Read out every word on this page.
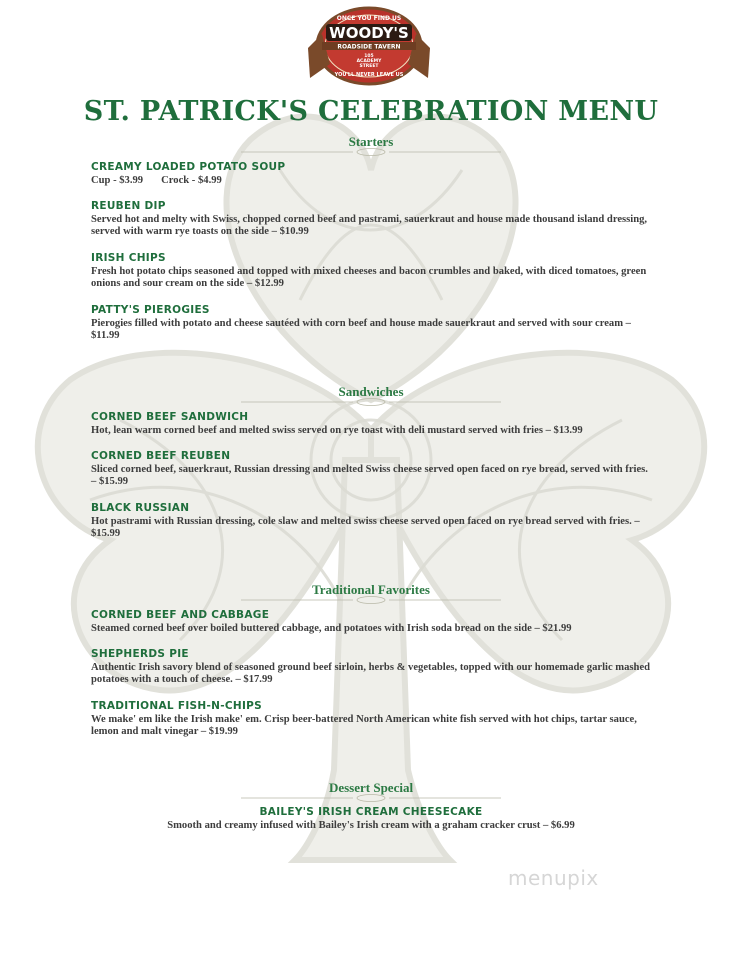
ONCE YOU FIND US
WOODY'S
ROADSIDE TAVERN
105
ACADEMY
STREET
YOU'LL NEVER LEAVE US
ST. PATRICK'S CELEBRATION MENU
Starters
CREAMY LOADED POTATO SOUP
Cup - $3.99 Crock - $4.99
REUBEN DIP
Served hot and melty with Swiss, chopped corned beef and pastrami, sauerkraut and house made thousand island dressing, served with warm rye toasts on the side – $10.99
IRISH CHIPS
Fresh hot potato chips seasoned and topped with mixed cheeses and bacon crumbles and baked, with diced tomatoes, green onions and sour cream on the side – $12.99
PATTY'S PIEROGIES
Pierogies filled with potato and cheese sautéed with corn beef and house made sauerkraut and served with sour cream – $11.99
Sandwiches
CORNED BEEF SANDWICH
Hot, lean warm corned beef and melted swiss served on rye toast with deli mustard served with fries – $13.99
CORNED BEEF REUBEN
Sliced corned beef, sauerkraut, Russian dressing and melted Swiss cheese served open faced on rye bread, served with fries. – $15.99
BLACK RUSSIAN
Hot pastrami with Russian dressing, cole slaw and melted swiss cheese served open faced on rye bread served with fries. – $15.99
Traditional Favorites
CORNED BEEF AND CABBAGE
Steamed corned beef over boiled buttered cabbage, and potatoes with Irish soda bread on the side – $21.99
SHEPHERDS PIE
Authentic Irish savory blend of seasoned ground beef sirloin, herbs & vegetables, topped with our homemade garlic mashed potatoes with a touch of cheese. – $17.99
TRADITIONAL FISH-N-CHIPS
We make' em like the Irish make' em. Crisp beer-battered North American white fish served with hot chips, tartar sauce, lemon and malt vinegar – $19.99
Dessert Special
BAILEY'S IRISH CREAM CHEESECAKE
Smooth and creamy infused with Bailey's Irish cream with a graham cracker crust – $6.99
menupix
